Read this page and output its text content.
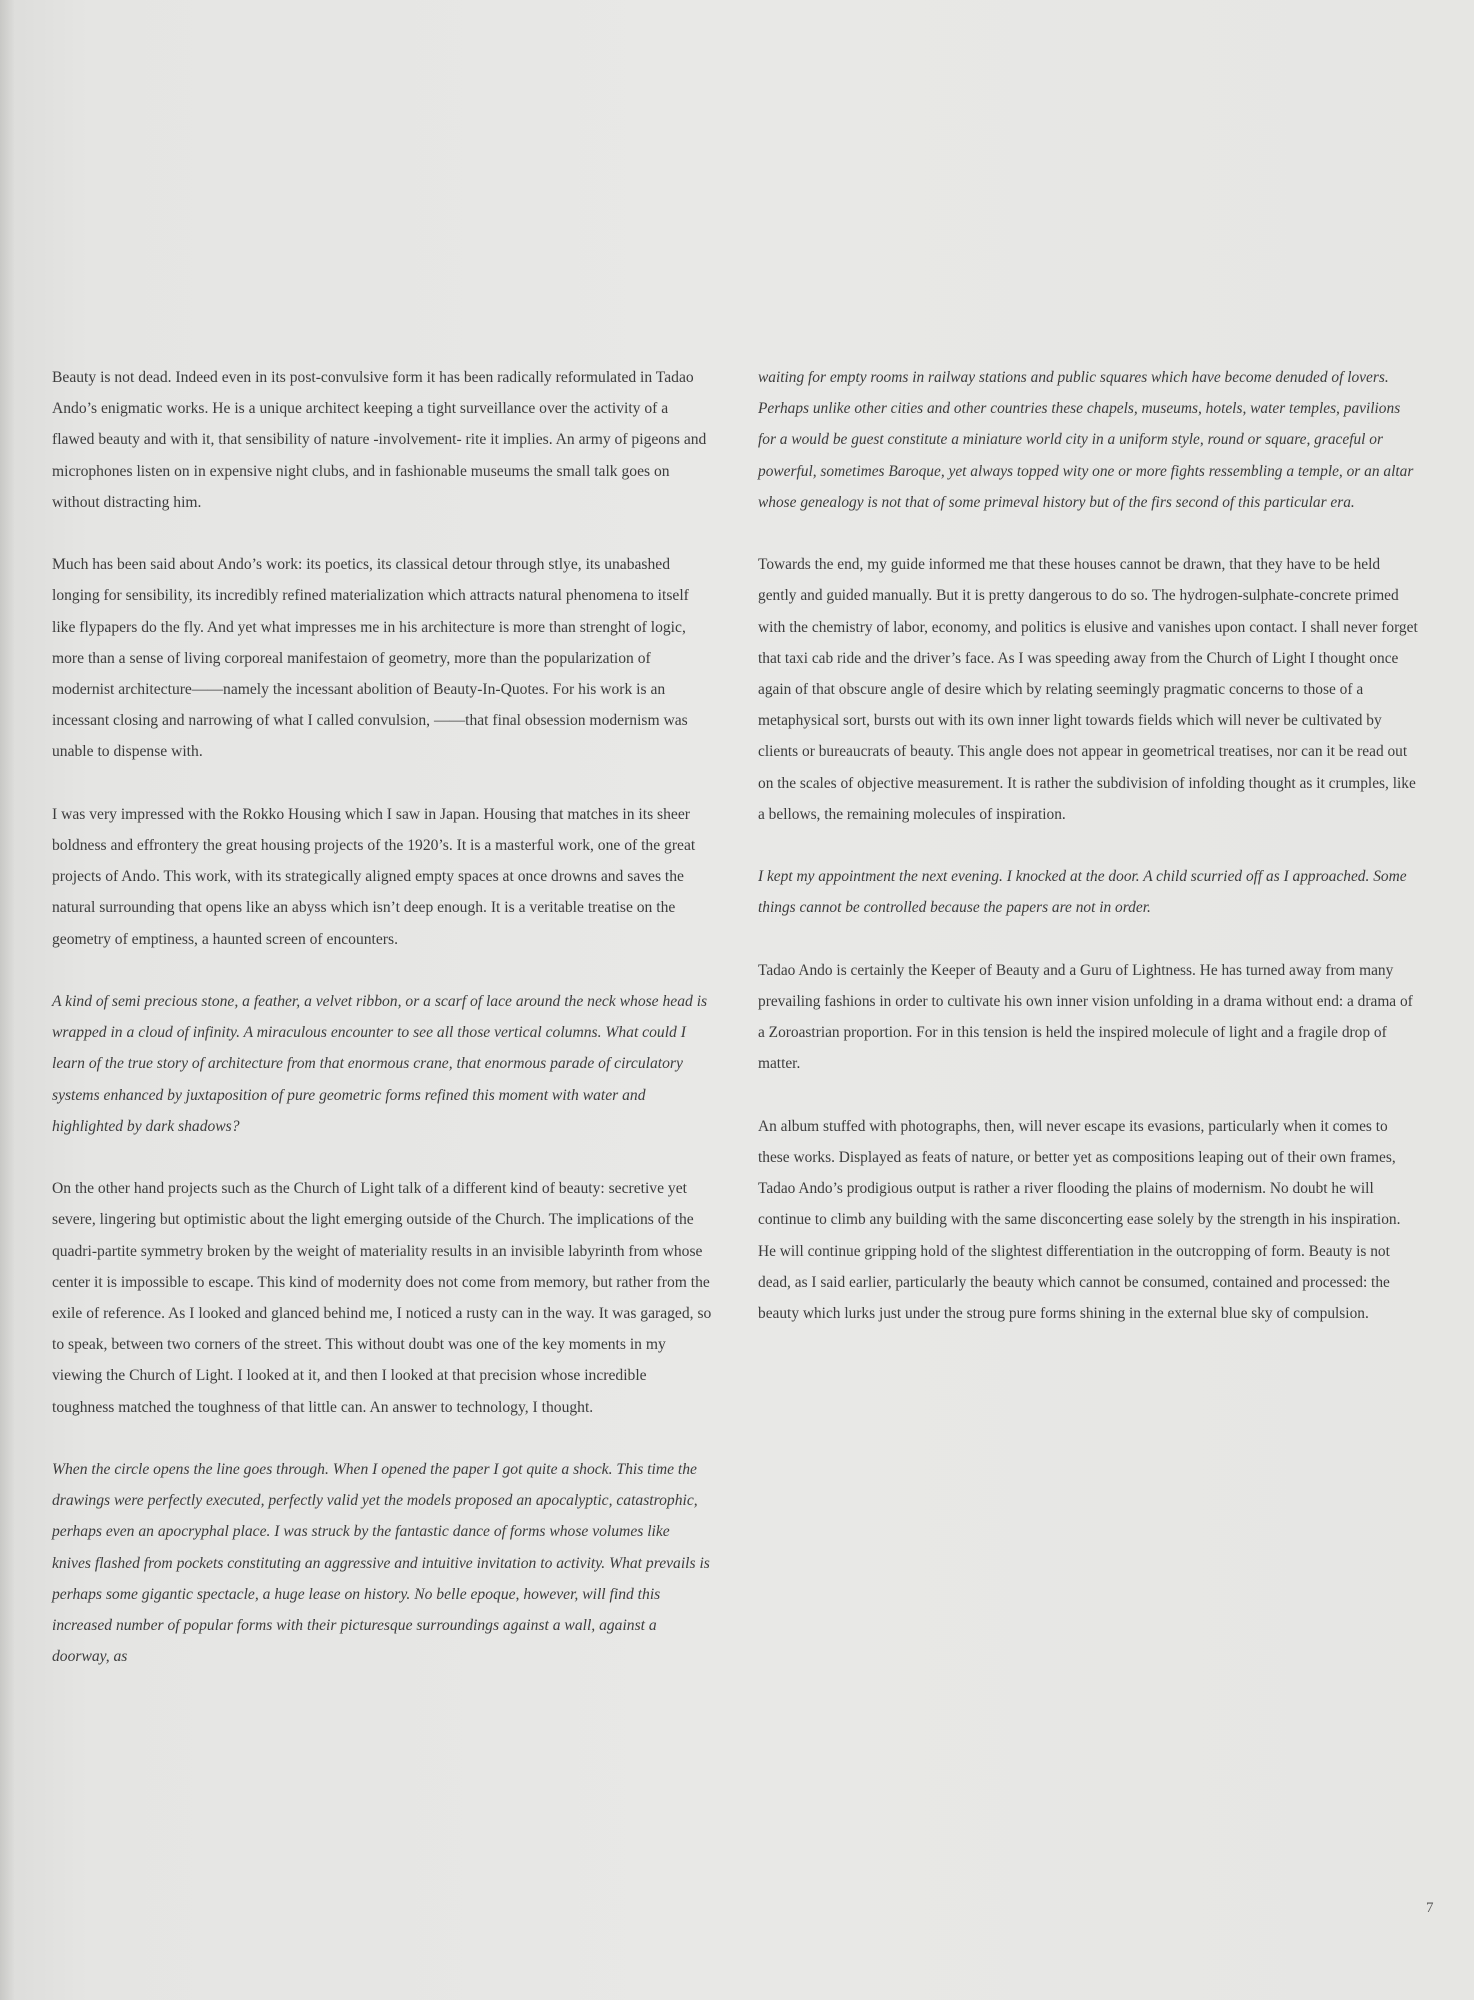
Beauty is not dead. Indeed even in its post-convulsive form it has been radically reformulated in Tadao Ando’s enigmatic works. He is a unique architect keeping a tight surveillance over the activity of a flawed beauty and with it, that sensibility of nature -involvement- rite it implies. An army of pigeons and microphones listen on in expensive night clubs, and in fashionable museums the small talk goes on without distracting him.

Much has been said about Ando’s work: its poetics, its classical detour through stlye, its unabashed longing for sensibility, its incredibly refined materialization which attracts natural phenomena to itself like flypapers do the fly. And yet what impresses me in his architecture is more than strenght of logic, more than a sense of living corporeal manifestaion of geometry, more than the popularization of modernist architecture——namely the incessant abolition of Beauty-In-Quotes. For his work is an incessant closing and narrowing of what I called convulsion, ——that final obsession modernism was unable to dispense with.

I was very impressed with the Rokko Housing which I saw in Japan. Housing that matches in its sheer boldness and effrontery the great housing projects of the 1920’s. It is a masterful work, one of the great projects of Ando. This work, with its strategically aligned empty spaces at once drowns and saves the natural surrounding that opens like an abyss which isn’t deep enough. It is a veritable treatise on the geometry of emptiness, a haunted screen of encounters.

A kind of semi precious stone, a feather, a velvet ribbon, or a scarf of lace around the neck whose head is wrapped in a cloud of infinity. A miraculous encounter to see all those vertical columns. What could I learn of the true story of architecture from that enormous crane, that enormous parade of circulatory systems enhanced by juxtaposition of pure geometric forms refined this moment with water and highlighted by dark shadows?

On the other hand projects such as the Church of Light talk of a different kind of beauty: secretive yet severe, lingering but optimistic about the light emerging outside of the Church. The implications of the quadri-partite symmetry broken by the weight of materiality results in an invisible labyrinth from whose center it is impossible to escape. This kind of modernity does not come from memory, but rather from the exile of reference. As I looked and glanced behind me, I noticed a rusty can in the way. It was garaged, so to speak, between two corners of the street. This without doubt was one of the key moments in my viewing the Church of Light. I looked at it, and then I looked at that precision whose incredible toughness matched the toughness of that little can. An answer to technology, I thought.

When the circle opens the line goes through. When I opened the paper I got quite a shock. This time the drawings were perfectly executed, perfectly valid yet the models proposed an apocalyptic, catastrophic, perhaps even an apocryphal place. I was struck by the fantastic dance of forms whose volumes like knives flashed from pockets constituting an aggressive and intuitive invitation to activity. What prevails is perhaps some gigantic spectacle, a huge lease on history. No belle epoque, however, will find this increased number of popular forms with their picturesque surroundings against a wall, against a doorway, as

waiting for empty rooms in railway stations and public squares which have become denuded of lovers. Perhaps unlike other cities and other countries these chapels, museums, hotels, water temples, pavilions for a would be guest constitute a miniature world city in a uniform style, round or square, graceful or powerful, sometimes Baroque, yet always topped wity one or more fights ressembling a temple, or an altar whose genealogy is not that of some primeval history but of the firs second of this particular era.

Towards the end, my guide informed me that these houses cannot be drawn, that they have to be held gently and guided manually. But it is pretty dangerous to do so. The hydrogen-sulphate-concrete primed with the chemistry of labor, economy, and politics is elusive and vanishes upon contact. I shall never forget that taxi cab ride and the driver’s face. As I was speeding away from the Church of Light I thought once again of that obscure angle of desire which by relating seemingly pragmatic concerns to those of a metaphysical sort, bursts out with its own inner light towards fields which will never be cultivated by clients or bureaucrats of beauty. This angle does not appear in geometrical treatises, nor can it be read out on the scales of objective measurement. It is rather the subdivision of infolding thought as it crumples, like a bellows, the remaining molecules of inspiration.

I kept my appointment the next evening. I knocked at the door. A child scurried off as I approached. Some things cannot be controlled because the papers are not in order.

Tadao Ando is certainly the Keeper of Beauty and a Guru of Lightness. He has turned away from many prevailing fashions in order to cultivate his own inner vision unfolding in a drama without end: a drama of a Zoroastrian proportion. For in this tension is held the inspired molecule of light and a fragile drop of matter.

An album stuffed with photographs, then, will never escape its evasions, particularly when it comes to these works. Displayed as feats of nature, or better yet as compositions leaping out of their own frames, Tadao Ando’s prodigious output is rather a river flooding the plains of modernism. No doubt he will continue to climb any building with the same disconcerting ease solely by the strength in his inspiration. He will continue gripping hold of the slightest differentiation in the outcropping of form. Beauty is not dead, as I said earlier, particularly the beauty which cannot be consumed, contained and processed: the beauty which lurks just under the stroug pure forms shining in the external blue sky of compulsion.

7
